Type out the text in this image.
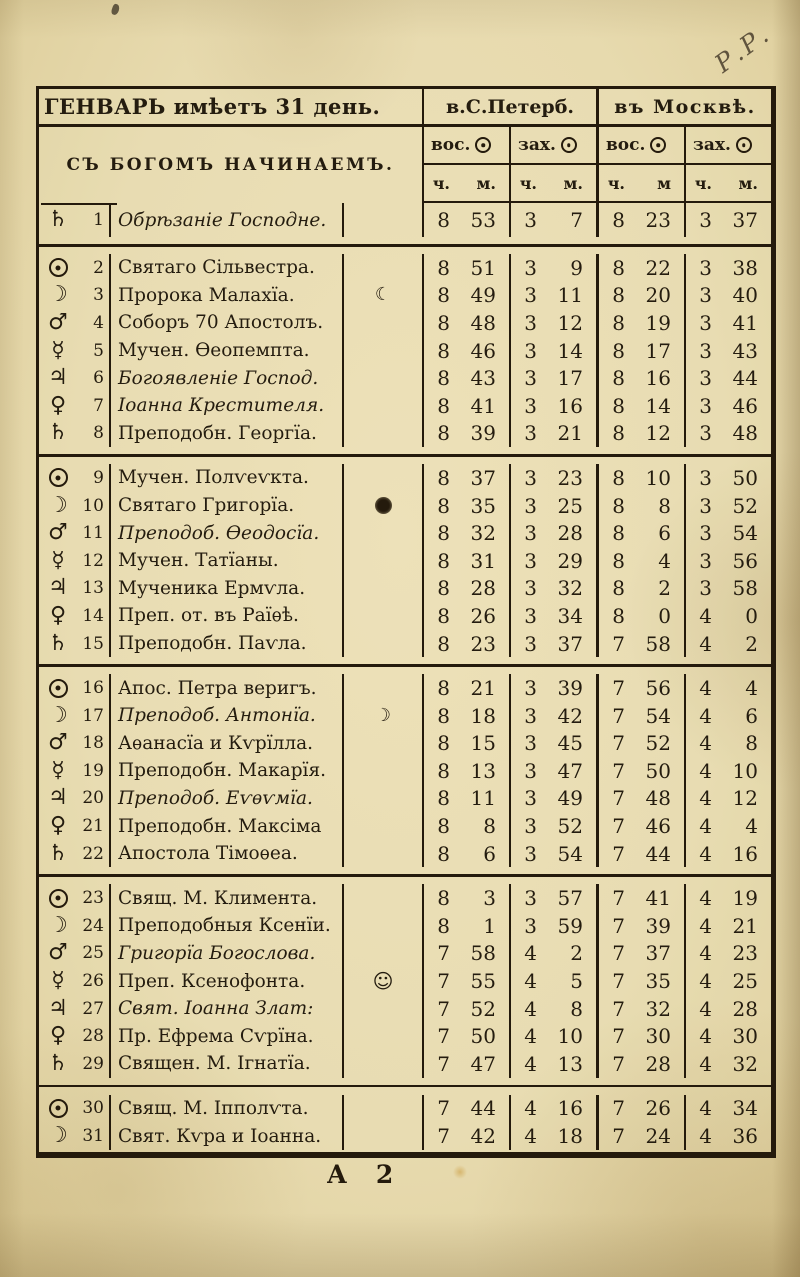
Р.Р.
ГЕНВАРЬ имѣетъ 31 день.	в.С.Петерб.	въ Москвѣ.
СЪ БОГОМЪ НАЧИНАЕМЪ.
вос.	зах.	вос.	зах.
ч.	м.	ч.	м.	ч.	м	ч.	м.
♄	1 Обрѣзаніе Господне.	8	53	3	7	8	23	3	37
2 Святаго Сільвестра.	8	51	3	9	8	22	3	38
☽	3 Пророка Малахїа.	☾	8	49	3	11	8	20	3	40
♂	4 Соборъ 70 Апостолъ.	8	48	3	12	8	19	3	41
☿	5 Мучен. Ѳеопемпта.	8	46	3	14	8	17	3	43
♃	6 Богоявленіе Господ.	8	43	3	17	8	16	3	44
♀	7 Іоанна Крестителя.	8	41	3	16	8	14	3	46
♄	8 Преподобн. Георгїа.	8	39	3	21	8	12	3	48
9 Мучен. Полѵеѵкта.	8	37	3	23	8	10	3	50
☽ 10 Святаго Григорїа.	8	35	3	25	8	8	3	52
♂ 11 Преподоб. Ѳеодосїа.	8	32	3	28	8	6	3	54
☿	12 Мучен. Татїаны.	8	31	3	29	8	4	3	56
♃ 13 Мученика Ермѵла.	8	28	3	32	8	2	3	58
♀ 14 Преп. от. въ Раїѳѣ.	8	26	3	34	8	0	4	0
♄ 15 Преподобн. Паѵла.	8	23	3	37	7	58	4	2
16 Апос. Петра веригъ.	8	21	3	39	7	56	4	4
☽ 17 Преподоб. Антонїа.	☽	8	18	3	42	7	54	4	6
♂ 18 Аѳанасїа и Кѵрїлла.	8	15	3	45	7	52	4	8
☿	19 Преподобн. Макарїя.	8	13	3	47	7	50	4	10
♃ 20 Преподоб. Еѵѳѵмїа.	8	11	3	49	7	48	4	12
♀ 21 Преподобн. Максіма	8	8	3	52	7	46	4	4
♄ 22 Апостола Тімоѳеа.	8	6	3	54	7	44	4	16
23 Свящ. М. Климента.	8	3	3	57	7	41	4	19
☽ 24 Преподобныя Ксенїи.	8	1	3	59	7	39	4	21
♂ 25 Григорїа Богослова.	7	58	4	2	7	37	4	23
☿	26 Преп. Ксенофонта.	☺	7	55	4	5	7	35	4	25
♃ 27 Свят. Іоанна Злат:	7	52	4	8	7	32	4	28
♀ 28 Пр. Ефрема Сѵрїна.	7	50	4	10	7	30	4	30
♄ 29 Священ. М. Ігнатїа.	7	47	4	13	7	28	4	32
30 Свящ. М. Іпполѵта.	7	44	4	16	7	26	4	34
☽ 31 Свят. Кѵра и Іоанна.	7	42	4	18	7	24	4	36
А 2
